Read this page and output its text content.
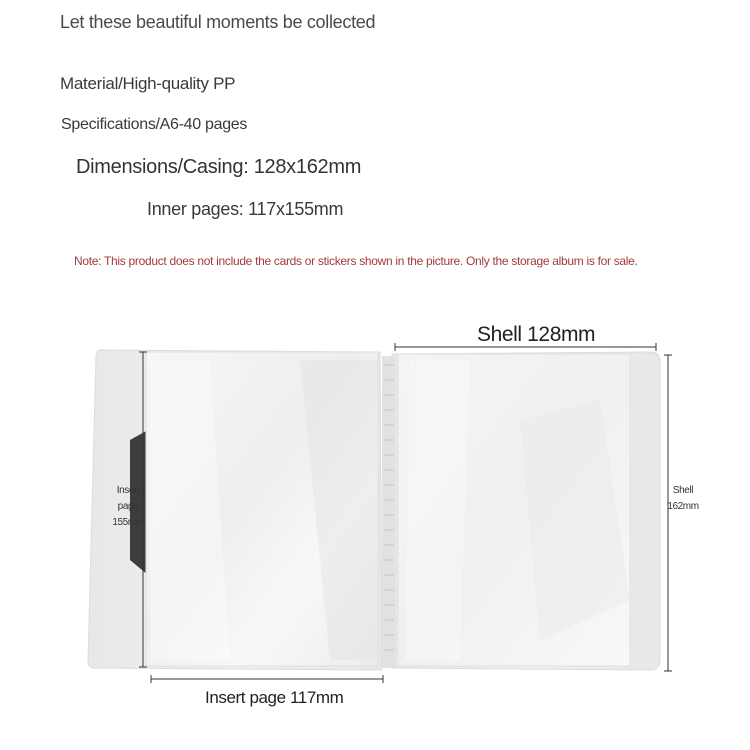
Let these beautiful moments be collected
Material/High-quality PP
Specifications/A6-40 pages
Dimensions/Casing: 128x162mm
Inner pages: 117x155mm
Note: This product does not include the cards or stickers shown in the picture. Only the storage album is for sale.
Shell 128mm
Insert page 117mm
Insert
page
155mm
Shell
162mm
